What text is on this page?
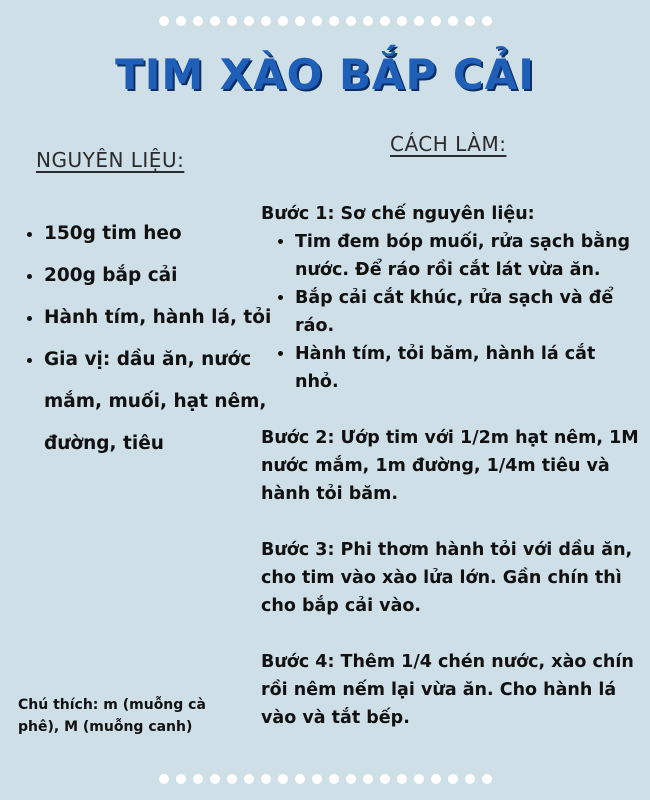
TIM XÀO BẮP CẢI
NGUYÊN LIỆU:
CÁCH LÀM:
• 150g tim heo
• 200g bắp cải
• Hành tím, hành lá, tỏi
• Gia vị: dầu ăn, nước mắm, muối, hạt nêm, đường, tiêu
Chú thích: m (muỗng cà phê), M (muỗng canh)

Bước 1: Sơ chế nguyên liệu:

• Tim đem bóp muối, rửa sạch bằng nước. Để ráo rồi cắt lát vừa ăn.
• Bắp cải cắt khúc, rửa sạch và để ráo.
• Hành tím, tỏi băm, hành lá cắt nhỏ.

Bước 2: Ướp tim với 1/2m hạt nêm, 1M nước mắm, 1m đường, 1/4m tiêu và hành tỏi băm.

Bước 3: Phi thơm hành tỏi với dầu ăn, cho tim vào xào lửa lớn. Gần chín thì cho bắp cải vào.

Bước 4: Thêm 1/4 chén nước, xào chín rồi nêm nếm lại vừa ăn. Cho hành lá vào và tắt bếp.
